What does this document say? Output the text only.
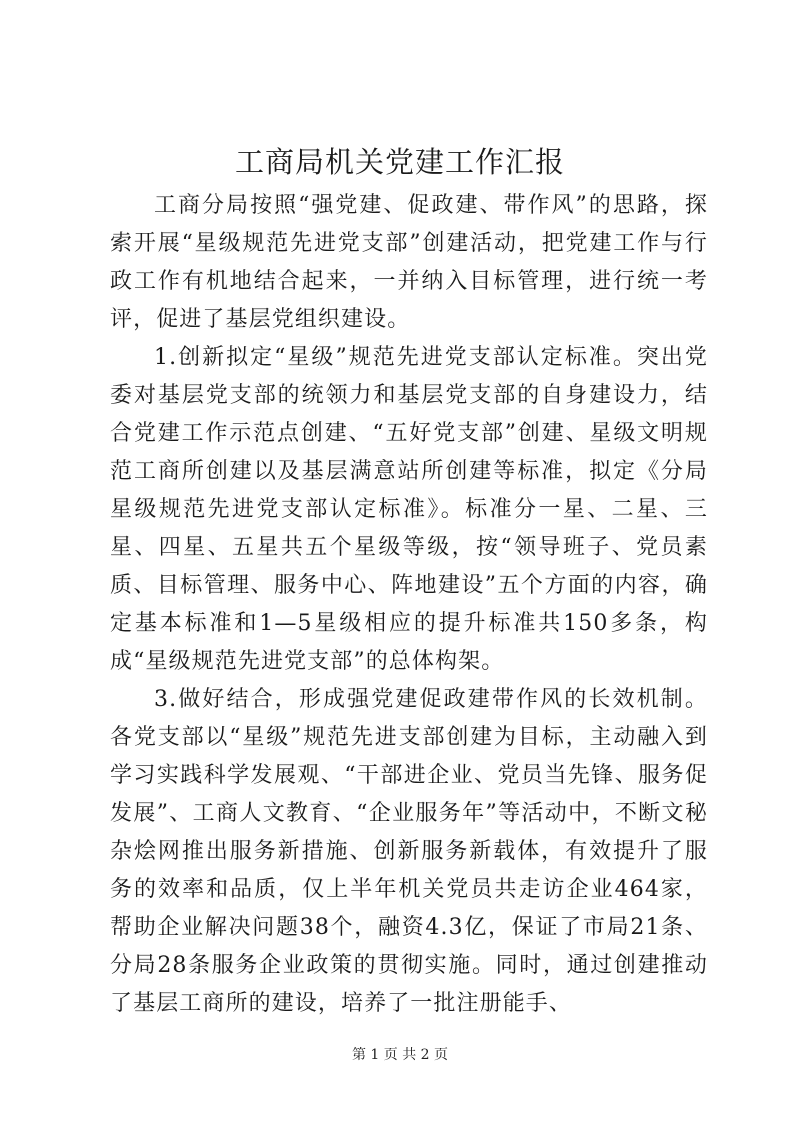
工商局机关党建工作汇报

工商分局按照“强党建、促政建、带作风”的思路，探索开展“星级规范先进党支部”创建活动，把党建工作与行政工作有机地结合起来，一并纳入目标管理，进行统一考评，促进了基层党组织建设。

1.创新拟定“星级”规范先进党支部认定标准。突出党委对基层党支部的统领力和基层党支部的自身建设力，结合党建工作示范点创建、“五好党支部”创建、星级文明规范工商所创建以及基层满意站所创建等标准，拟定《分局星级规范先进党支部认定标准》。标准分一星、二星、三星、四星、五星共五个星级等级，按“领导班子、党员素质、目标管理、服务中心、阵地建设”五个方面的内容，确定基本标准和1—5星级相应的提升标准共150多条，构成“星级规范先进党支部”的总体构架。

3.做好结合，形成强党建促政建带作风的长效机制。各党支部以“星级”规范先进支部创建为目标，主动融入到学习实践科学发展观、“干部进企业、党员当先锋、服务促发展”、工商人文教育、“企业服务年”等活动中，不断文秘杂烩网推出服务新措施、创新服务新载体，有效提升了服务的效率和品质，仅上半年机关党员共走访企业464家，帮助企业解决问题38个，融资4.3亿，保证了市局21条、分局28条服务企业政策的贯彻实施。同时，通过创建推动了基层工商所的建设，培养了一批注册能手、

第 1 页 共 2 页
